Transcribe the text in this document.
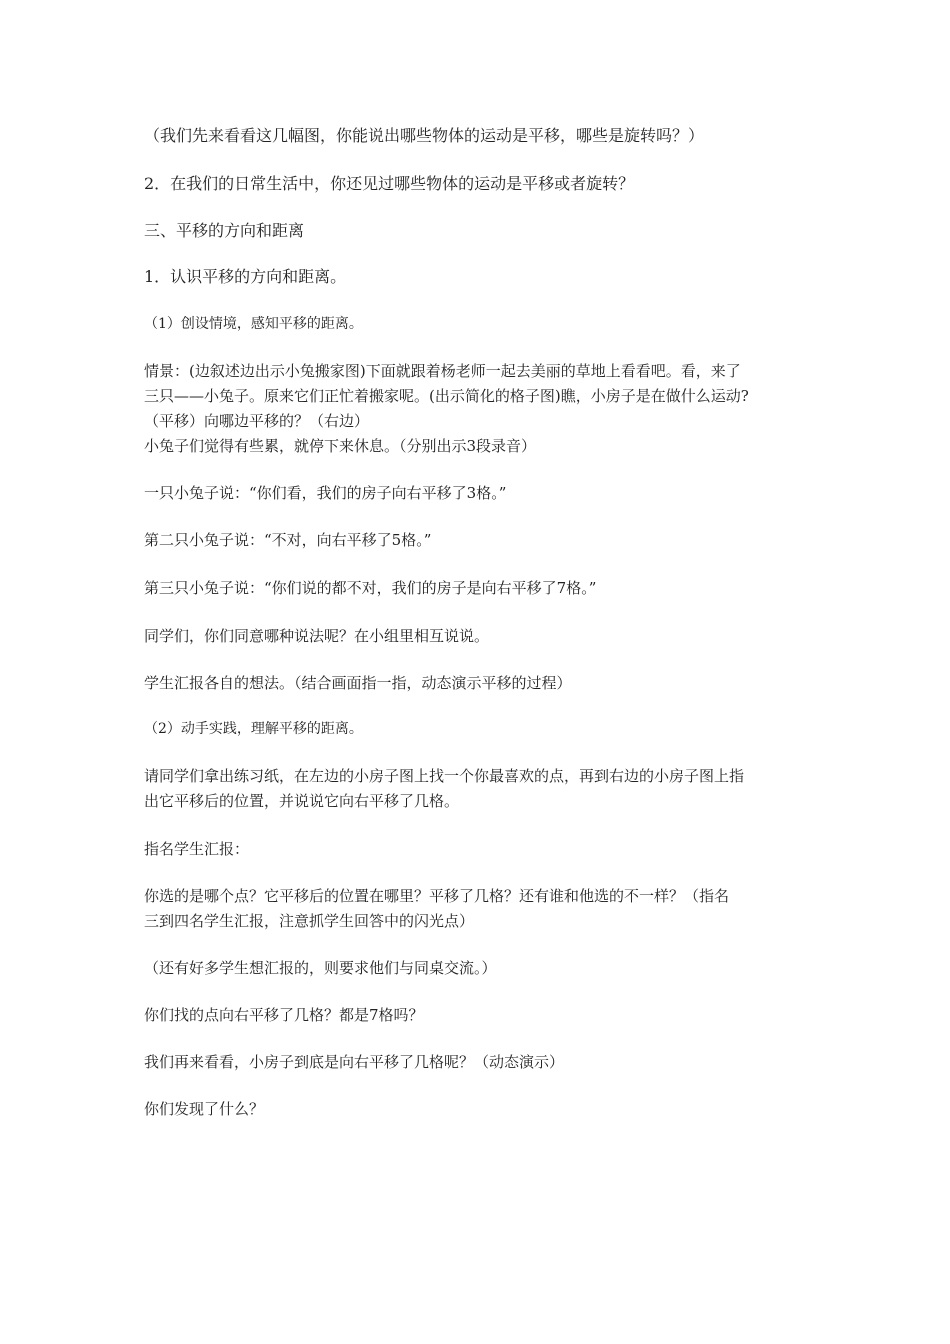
（我们先来看看这几幅图，你能说出哪些物体的运动是平移，哪些是旋转吗？）
2．在我们的日常生活中，你还见过哪些物体的运动是平移或者旋转？
三、平移的方向和距离
1．认识平移的方向和距离。
（1）创设情境，感知平移的距离。
情景：(边叙述边出示小兔搬家图)下面就跟着杨老师一起去美丽的草地上看看吧。看，来了
三只——小兔子。原来它们正忙着搬家呢。(出示简化的格子图)瞧，小房子是在做什么运动?
（平移）向哪边平移的？（右边）
小兔子们觉得有些累，就停下来休息。（分别出示3段录音）
一只小兔子说：“你们看，我们的房子向右平移了3格。”
第二只小兔子说：“不对，向右平移了5格。”
第三只小兔子说：“你们说的都不对，我们的房子是向右平移了7格。”
同学们，你们同意哪种说法呢？在小组里相互说说。
学生汇报各自的想法。（结合画面指一指，动态演示平移的过程）
（2）动手实践，理解平移的距离。
请同学们拿出练习纸，在左边的小房子图上找一个你最喜欢的点，再到右边的小房子图上指
出它平移后的位置，并说说它向右平移了几格。
指名学生汇报：
你选的是哪个点？它平移后的位置在哪里？平移了几格？还有谁和他选的不一样？（指名
三到四名学生汇报，注意抓学生回答中的闪光点）
（还有好多学生想汇报的，则要求他们与同桌交流。）
你们找的点向右平移了几格？都是7格吗？
我们再来看看，小房子到底是向右平移了几格呢？（动态演示）
你们发现了什么？
